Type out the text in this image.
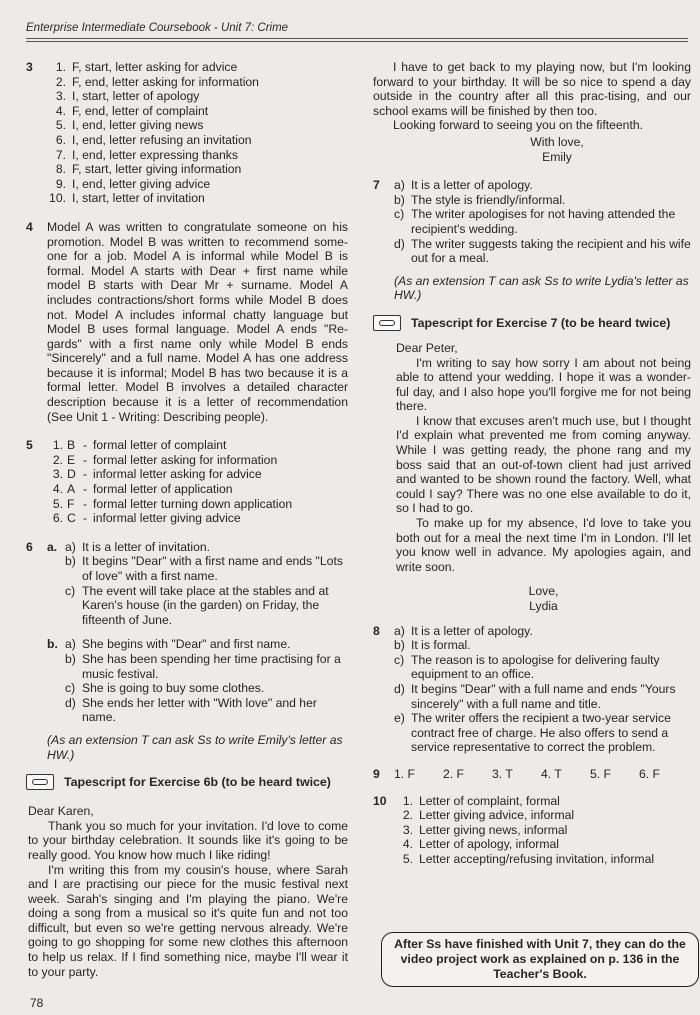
Enterprise Intermediate Coursebook - Unit 7: Crime
3	1. F, start, letter asking for advice
2. F, end, letter asking for information
3. I, start, letter of apology
4. F, end, letter of complaint
5. I, end, letter giving news
6. I, end, letter refusing an invitation
7. I, end, letter expressing thanks
8. F, start, letter giving information
9. I, end, letter giving advice
10. I, start, letter of invitation
4 Model A was written to congratulate someone on his promotion. Model B was written to recommend some-one for a job. Model A is informal while Model B is formal. Model A starts with Dear + first name while model B starts with Dear Mr + surname. Model A includes contractions/short forms while Model B does not. Model A includes informal chatty language but Model B uses formal language. Model A ends "Re-gards" with a first name only while Model B ends "Sincerely" and a full name. Model A has one address because it is informal; Model B has two because it is a formal letter. Model B involves a detailed character description because it is a letter of recommendation (See Unit 1 - Writing: Describing people).
5	1. B - formal letter of complaint
2. E - formal letter asking for information
3. D - informal letter asking for advice
4. A - formal letter of application
5. F - formal letter turning down application
6. C - informal letter giving advice
6 a. a) It is a letter of invitation.
b) It begins "Dear" with a first name and ends "Lots of love" with a first name.
c) The event will take place at the stables and at Karen's house (in the garden) on Friday, the fifteenth of June.
b. a) She begins with "Dear" and first name.
b) She has been spending her time practising for a music festival.
c) She is going to buy some clothes.
d) She ends her letter with "With love" and her name.
(As an extension T can ask Ss to write Emily's letter as HW.)
Tapescript for Exercise 6b (to be heard twice)

Dear Karen,

Thank you so much for your invitation. I'd love to come to your birthday celebration. It sounds like it's going to be really good. You know how much I like riding!

I'm writing this from my cousin's house, where Sarah and I are practising our piece for the music festival next week. Sarah's singing and I'm playing the piano. We're doing a song from a musical so it's quite fun and not too difficult, but even so we're getting nervous already. We're going to go shopping for some new clothes this afternoon to help us relax. If I find something nice, maybe I'll wear it to your party.

I have to get back to my playing now, but I'm looking forward to your birthday. It will be so nice to spend a day outside in the country after all this prac-tising, and our school exams will be finished by then too.

Looking forward to seeing you on the fifteenth.

With love,
Emily
7 a) It is a letter of apology.
b) The style is friendly/informal.
c) The writer apologises for not having attended the recipient's wedding.
d) The writer suggests taking the recipient and his wife out for a meal.
(As an extension T can ask Ss to write Lydia's letter as HW.)
Tapescript for Exercise 7 (to be heard twice)

Dear Peter,

I'm writing to say how sorry I am about not being able to attend your wedding. I hope it was a wonder-ful day, and I also hope you'll forgive me for not being there.

I know that excuses aren't much use, but I thought I'd explain what prevented me from coming anyway. While I was getting ready, the phone rang and my boss said that an out-of-town client had just arrived and wanted to be shown round the factory. Well, what could I say? There was no one else available to do it, so I had to go.

To make up for my absence, I'd love to take you both out for a meal the next time I'm in London. I'll let you know well in advance. My apologies again, and write soon.

Love,
Lydia
8 a) It is a letter of apology.
b) It is formal.
c) The reason is to apologise for delivering faulty equipment to an office.
d) It begins "Dear" with a full name and ends "Yours sincerely" with a full name and title.
e) The writer offers the recipient a two-year service contract free of charge. He also offers to send a service representative to correct the problem.
9 1. F	2. F	3. T	4. T	5. F	6. F
10	1. Letter of complaint, formal
2. Letter giving advice, informal
3. Letter giving news, informal
4. Letter of apology, informal
5. Letter accepting/refusing invitation, informal
After Ss have finished with Unit 7, they can do the video project work as explained on p. 136 in the Teacher's Book.
78
